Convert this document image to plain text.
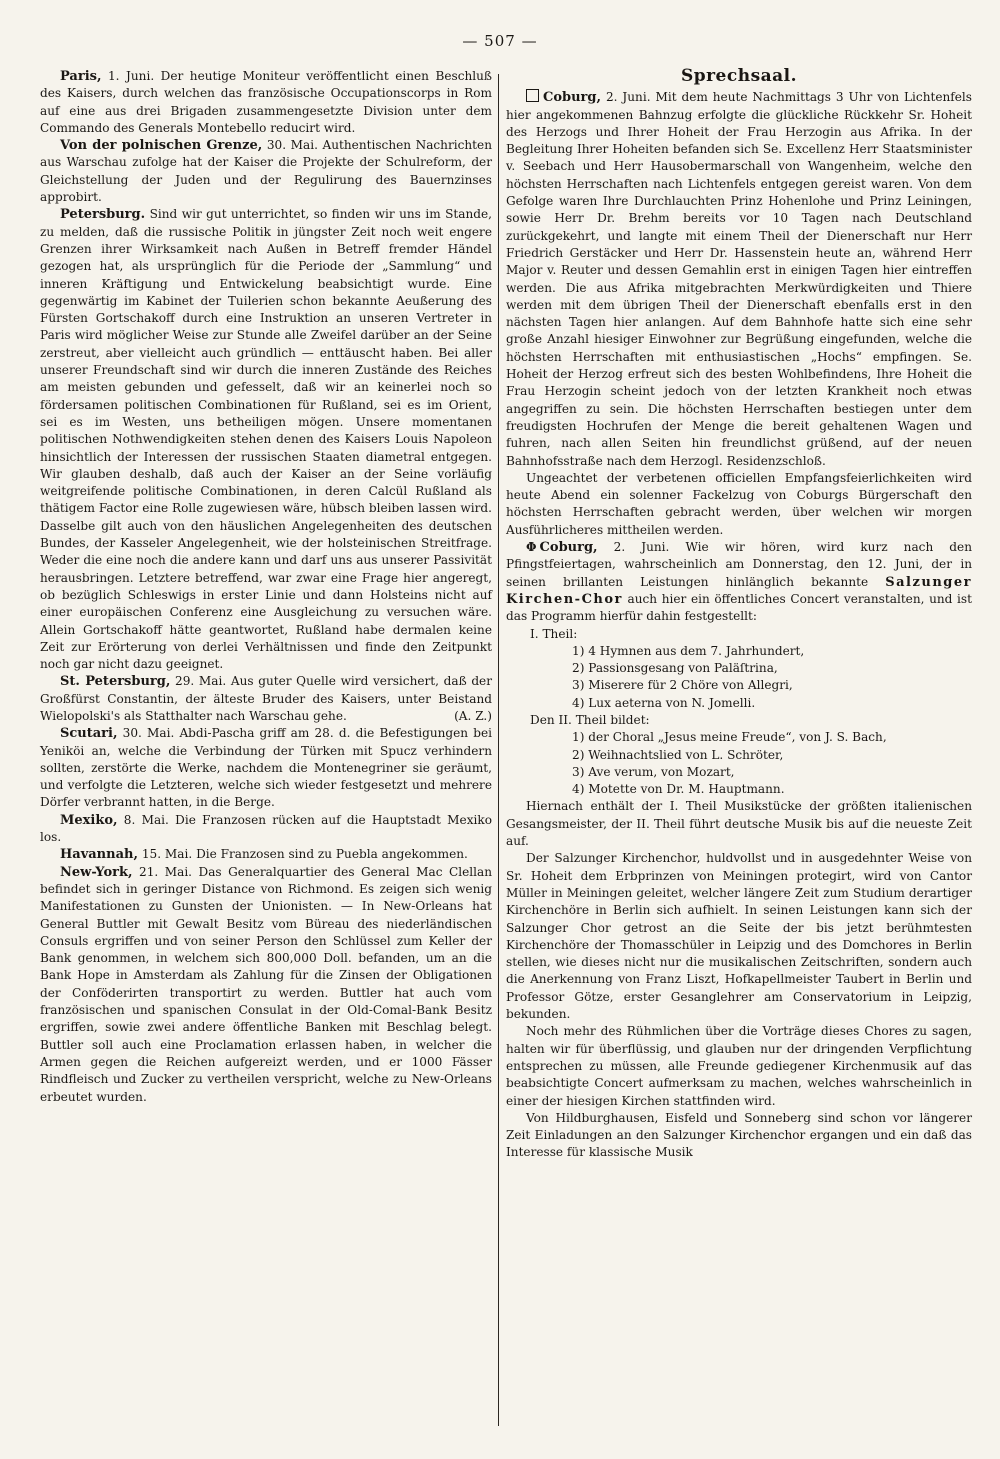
— 507 —

Paris, 1. Juni. Der heutige Moniteur veröffentlicht einen Beschluß des Kaisers, durch welchen das französische Occupationscorps in Rom auf eine aus drei Brigaden zusammengesetzte Division unter dem Commando des Generals Montebello reducirt wird.

Von der polnischen Grenze, 30. Mai. Authentischen Nachrichten aus Warschau zufolge hat der Kaiser die Projekte der Schulreform, der Gleichstellung der Juden und der Regulirung des Bauernzinses approbirt.

Petersburg. Sind wir gut unterrichtet, so finden wir uns im Stande, zu melden, daß die russische Politik in jüngster Zeit noch weit engere Grenzen ihrer Wirksamkeit nach Außen in Betreff fremder Händel gezogen hat, als ursprünglich für die Periode der „Sammlung“ und inneren Kräftigung und Entwickelung beabsichtigt wurde. Eine gegenwärtig im Kabinet der Tuilerien schon bekannte Aeußerung des Fürsten Gortschakoff durch eine Instruktion an unseren Vertreter in Paris wird möglicher Weise zur Stunde alle Zweifel darüber an der Seine zerstreut, aber vielleicht auch gründlich — enttäuscht haben. Bei aller unserer Freundschaft sind wir durch die inneren Zustände des Reiches am meisten gebunden und gefesselt, daß wir an keinerlei noch so fördersamen politischen Combinationen für Rußland, sei es im Orient, sei es im Westen, uns betheiligen mögen. Unsere momentanen politischen Nothwendigkeiten stehen denen des Kaisers Louis Napoleon hinsichtlich der Interessen der russischen Staaten diametral entgegen. Wir glauben deshalb, daß auch der Kaiser an der Seine vorläufig weitgreifende politische Combinationen, in deren Calcül Rußland als thätigem Factor eine Rolle zugewiesen wäre, hübsch bleiben lassen wird. Dasselbe gilt auch von den häuslichen Angelegenheiten des deutschen Bundes, der Kasseler Angelegenheit, wie der holsteinischen Streitfrage. Weder die eine noch die andere kann und darf uns aus unserer Passivität herausbringen. Letztere betreffend, war zwar eine Frage hier angeregt, ob bezüglich Schleswigs in erster Linie und dann Holsteins nicht auf einer europäischen Conferenz eine Ausgleichung zu versuchen wäre. Allein Gortschakoff hätte geantwortet, Rußland habe dermalen keine Zeit zur Erörterung von derlei Verhältnissen und finde den Zeitpunkt noch gar nicht dazu geeignet.

St. Petersburg, 29. Mai. Aus guter Quelle wird versichert, daß der Großfürst Constantin, der älteste Bruder des Kaisers, unter Beistand Wielopolski's als Statthalter nach Warschau gehe.	(A. Z.)

Scutari, 30. Mai. Abdi-Pascha griff am 28. d. die Befestigungen bei Yeniköi an, welche die Verbindung der Türken mit Spucz verhindern sollten, zerstörte die Werke, nachdem die Montenegriner sie geräumt, und verfolgte die Letzteren, welche sich wieder festgesetzt und mehrere Dörfer verbrannt hatten, in die Berge.

Mexiko, 8. Mai. Die Franzosen rücken auf die Hauptstadt Mexiko los.

Havannah, 15. Mai. Die Franzosen sind zu Puebla angekommen.

New-York, 21. Mai. Das Generalquartier des General Mac Clellan befindet sich in geringer Distance von Richmond. Es zeigen sich wenig Manifestationen zu Gunsten der Unionisten. — In New-Orleans hat General Buttler mit Gewalt Besitz vom Büreau des niederländischen Consuls ergriffen und von seiner Person den Schlüssel zum Keller der Bank genommen, in welchem sich 800,000 Doll. befanden, um an die Bank Hope in Amsterdam als Zahlung für die Zinsen der Obligationen der Conföderirten transportirt zu werden. Buttler hat auch vom französischen und spanischen Consulat in der Old-Comal-Bank Besitz ergriffen, sowie zwei andere öffentliche Banken mit Beschlag belegt. Buttler soll auch eine Proclamation erlassen haben, in welcher die Armen gegen die Reichen aufgereizt werden, und er 1000 Fässer Rindfleisch und Zucker zu vertheilen verspricht, welche zu New-Orleans erbeutet wurden.

Sprechsaal.

Coburg, 2. Juni. Mit dem heute Nachmittags 3 Uhr von Lichtenfels hier angekommenen Bahnzug erfolgte die glückliche Rückkehr Sr. Hoheit des Herzogs und Ihrer Hoheit der Frau Herzogin aus Afrika. In der Begleitung Ihrer Hoheiten befanden sich Se. Excellenz Herr Staatsminister v. Seebach und Herr Hausobermarschall von Wangenheim, welche den höchsten Herrschaften nach Lichtenfels entgegen gereist waren. Von dem Gefolge waren Ihre Durchlauchten Prinz Hohenlohe und Prinz Leiningen, sowie Herr Dr. Brehm bereits vor 10 Tagen nach Deutschland zurückgekehrt, und langte mit einem Theil der Dienerschaft nur Herr Friedrich Gerstäcker und Herr Dr. Hassenstein heute an, während Herr Major v. Reuter und dessen Gemahlin erst in einigen Tagen hier eintreffen werden. Die aus Afrika mitgebrachten Merkwürdigkeiten und Thiere werden mit dem übrigen Theil der Dienerschaft ebenfalls erst in den nächsten Tagen hier anlangen. Auf dem Bahnhofe hatte sich eine sehr große Anzahl hiesiger Einwohner zur Begrüßung eingefunden, welche die höchsten Herrschaften mit enthusiastischen „Hochs“ empfingen. Se. Hoheit der Herzog erfreut sich des besten Wohlbefindens, Ihre Hoheit die Frau Herzogin scheint jedoch von der letzten Krankheit noch etwas angegriffen zu sein. Die höchsten Herrschaften bestiegen unter dem freudigsten Hochrufen der Menge die bereit gehaltenen Wagen und fuhren, nach allen Seiten hin freundlichst grüßend, auf der neuen Bahnhofsstraße nach dem Herzogl. Residenzschloß.

Ungeachtet der verbetenen officiellen Empfangsfeierlichkeiten wird heute Abend ein solenner Fackelzug von Coburgs Bürgerschaft den höchsten Herrschaften gebracht werden, über welchen wir morgen Ausführlicheres mittheilen werden.

Φ Coburg, 2. Juni. Wie wir hören, wird kurz nach den Pfingstfeiertagen, wahrscheinlich am Donnerstag, den 12. Juni, der in seinen brillanten Leistungen hinlänglich bekannte Salzunger Kirchen-Chor auch hier ein öffentliches Concert veranstalten, und ist das Programm hierfür dahin festgestellt:

I. Theil:

1) 4 Hymnen aus dem 7. Jahrhundert,

2) Passionsgesang von Paläſtrina,

3) Miserere für 2 Chöre von Allegri,

4) Lux aeterna von N. Jomelli.

Den II. Theil bildet:

1) der Choral „Jesus meine Freude“, von J. S. Bach,

2) Weihnachtslied von L. Schröter,

3) Ave verum, von Mozart,

4) Motette von Dr. M. Hauptmann.

Hiernach enthält der I. Theil Musikstücke der größten italienischen Gesangsmeister, der II. Theil führt deutsche Musik bis auf die neueste Zeit auf.

Der Salzunger Kirchenchor, huldvollst und in ausgedehnter Weise von Sr. Hoheit dem Erbprinzen von Meiningen protegirt, wird von Cantor Müller in Meiningen geleitet, welcher längere Zeit zum Studium derartiger Kirchenchöre in Berlin sich aufhielt. In seinen Leistungen kann sich der Salzunger Chor getrost an die Seite der bis jetzt berühmtesten Kirchenchöre der Thomasschüler in Leipzig und des Domchores in Berlin stellen, wie dieses nicht nur die musikalischen Zeitschriften, sondern auch die Anerkennung von Franz Liszt, Hofkapellmeister Taubert in Berlin und Professor Götze, erster Gesanglehrer am Conservatorium in Leipzig, bekunden.

Noch mehr des Rühmlichen über die Vorträge dieses Chores zu sagen, halten wir für überflüssig, und glauben nur der dringenden Verpflichtung entsprechen zu müssen, alle Freunde gediegener Kirchenmusik auf das beabsichtigte Concert aufmerksam zu machen, welches wahrscheinlich in einer der hiesigen Kirchen stattfinden wird.

Von Hildburghausen, Eisfeld und Sonneberg sind schon vor längerer Zeit Einladungen an den Salzunger Kirchenchor ergangen und ein daß das Interesse für klassische Musik
